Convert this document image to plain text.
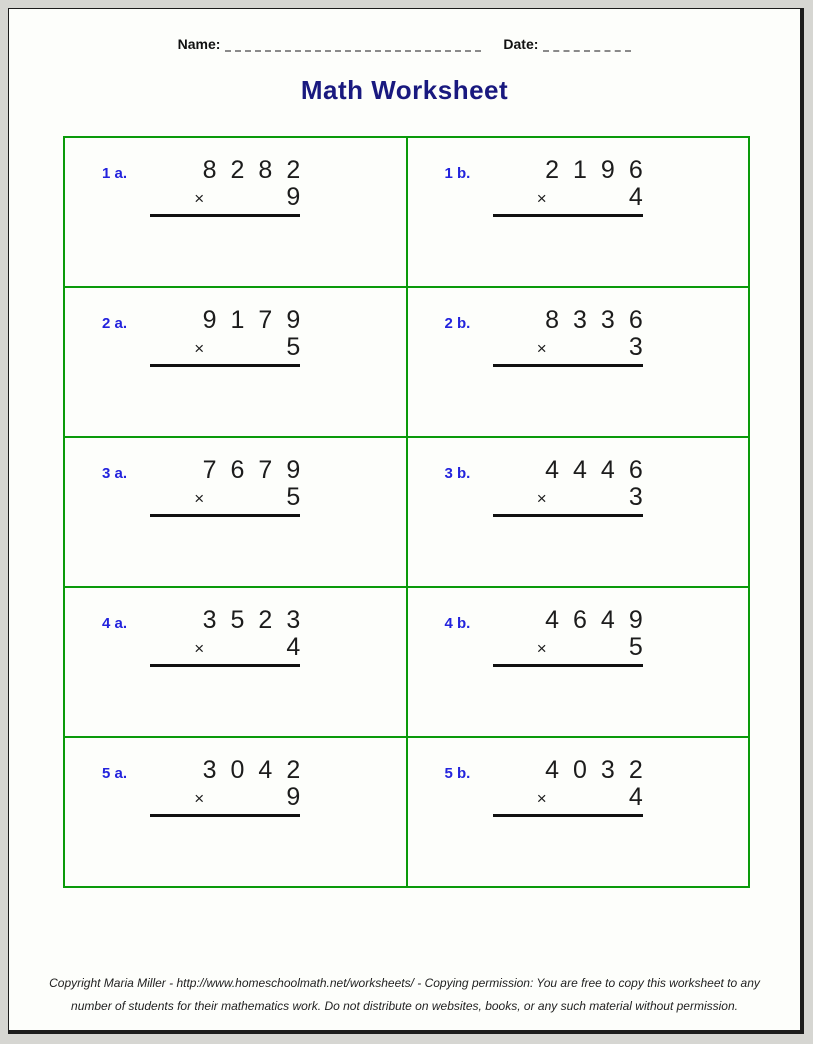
Name:	Date:
Math Worksheet
1 a.	8282
×	9
1 b.	2196
×	4
2 a.	9179
×	5
2 b.	8336
×	3
3 a.	7679
×	5
3 b.	4446
×	3
4 a.	3523
×	4
4 b.	4649
×	5
5 a.	3042
×	9
5 b.	4032
×	4
Copyright Maria Miller - http://www.homeschoolmath.net/worksheets/ - Copying permission: You are free to copy this worksheet to any
number of students for their mathematics work. Do not distribute on websites, books, or any such material without permission.
